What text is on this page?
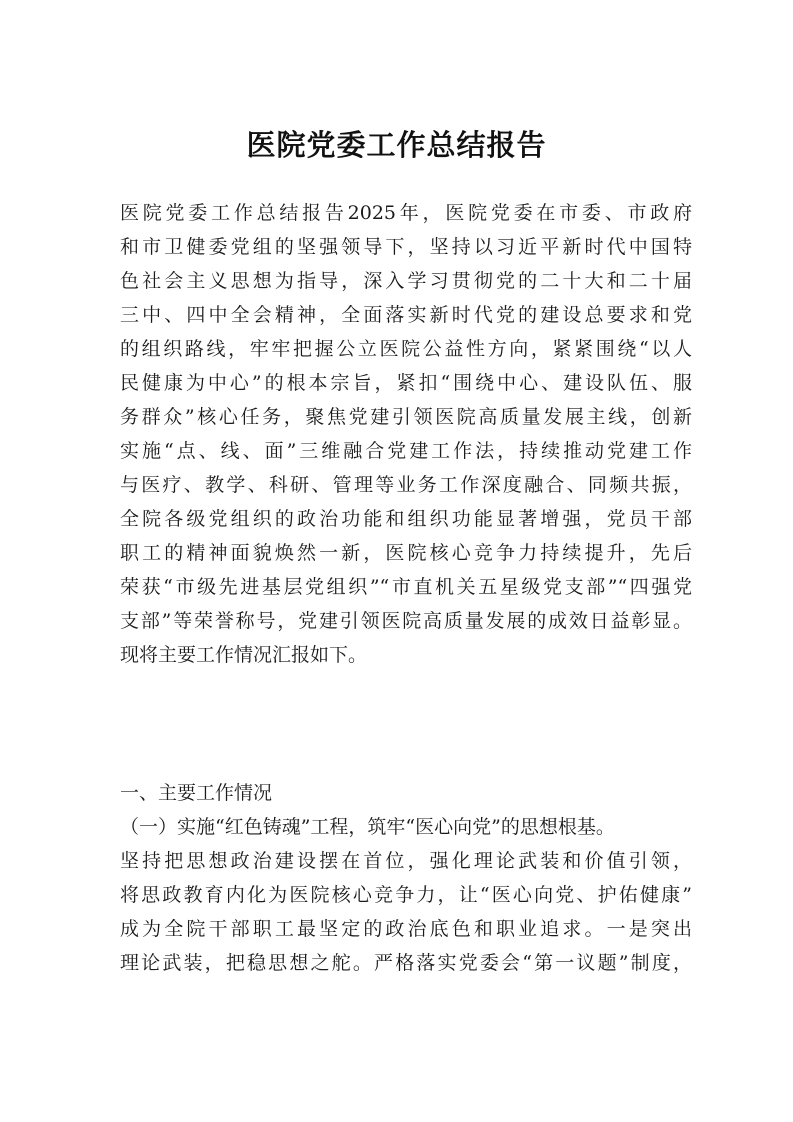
医院党委工作总结报告
医院党委工作总结报告2025年，医院党委在市委、市政府
和市卫健委党组的坚强领导下，坚持以习近平新时代中国特
色社会主义思想为指导，深入学习贯彻党的二十大和二十届
三中、四中全会精神，全面落实新时代党的建设总要求和党
的组织路线，牢牢把握公立医院公益性方向，紧紧围绕“以人
民健康为中心”的根本宗旨，紧扣“围绕中心、建设队伍、服
务群众”核心任务，聚焦党建引领医院高质量发展主线，创新
实施“点、线、面”三维融合党建工作法，持续推动党建工作
与医疗、教学、科研、管理等业务工作深度融合、同频共振，
全院各级党组织的政治功能和组织功能显著增强，党员干部
职工的精神面貌焕然一新，医院核心竞争力持续提升，先后
荣获“市级先进基层党组织”“市直机关五星级党支部”“四强党
支部”等荣誉称号，党建引领医院高质量发展的成效日益彰显。
现将主要工作情况汇报如下。
一、主要工作情况
（一）实施“红色铸魂”工程，筑牢“医心向党”的思想根基。
坚持把思想政治建设摆在首位，强化理论武装和价值引领，
将思政教育内化为医院核心竞争力，让“医心向党、护佑健康”
成为全院干部职工最坚定的政治底色和职业追求。一是突出
理论武装，把稳思想之舵。严格落实党委会“第一议题”制度，
